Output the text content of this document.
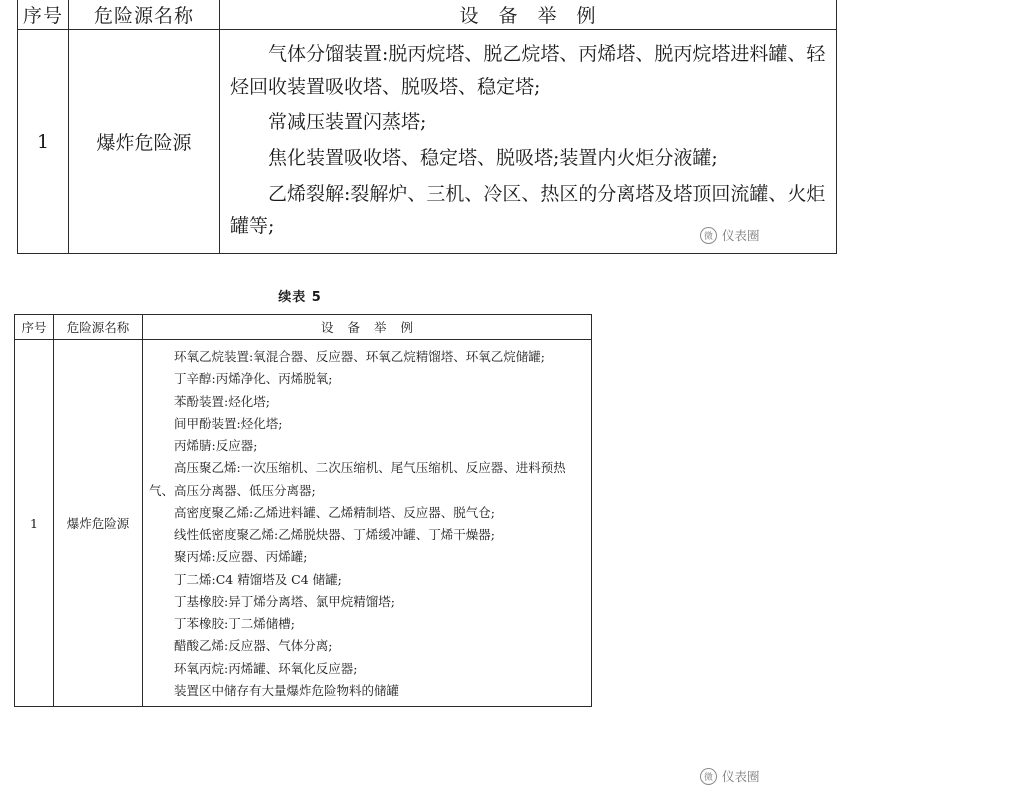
序号	危险源名称	设 备 举 例
1	爆炸危险源	气体分馏装置:脱丙烷塔、脱乙烷塔、丙烯塔、脱丙烷塔进料罐、轻烃回收装置吸收塔、脱吸塔、稳定塔;

常减压装置闪蒸塔;

焦化装置吸收塔、稳定塔、脱吸塔;装置内火炬分液罐;

乙烯裂解:裂解炉、三机、冷区、热区的分离塔及塔顶回流罐、火炬罐等;

续表 5
序号	危险源名称	设 备 举 例
1	爆炸危险源	

环氧乙烷装置:氧混合器、反应器、环氧乙烷精馏塔、环氧乙烷储罐;

丁辛醇:丙烯净化、丙烯脱氧;

苯酚装置:烃化塔;

间甲酚装置:烃化塔;

丙烯腈:反应器;

高压聚乙烯:一次压缩机、二次压缩机、尾气压缩机、反应器、进料预热气、高压分离器、低压分离器;

高密度聚乙烯:乙烯进料罐、乙烯精制塔、反应器、脱气仓;

线性低密度聚乙烯:乙烯脱炔器、丁烯缓冲罐、丁烯干燥器;

聚丙烯:反应器、丙烯罐;

丁二烯:C4 精馏塔及 C4 储罐;

丁基橡胶:异丁烯分离塔、氯甲烷精馏塔;

丁苯橡胶:丁二烯储槽;

醋酸乙烯:反应器、气体分离;

环氧丙烷:丙烯罐、环氧化反应器;

装置区中储存有大量爆炸危险物料的储罐

微 仪表圈
微 仪表圈
